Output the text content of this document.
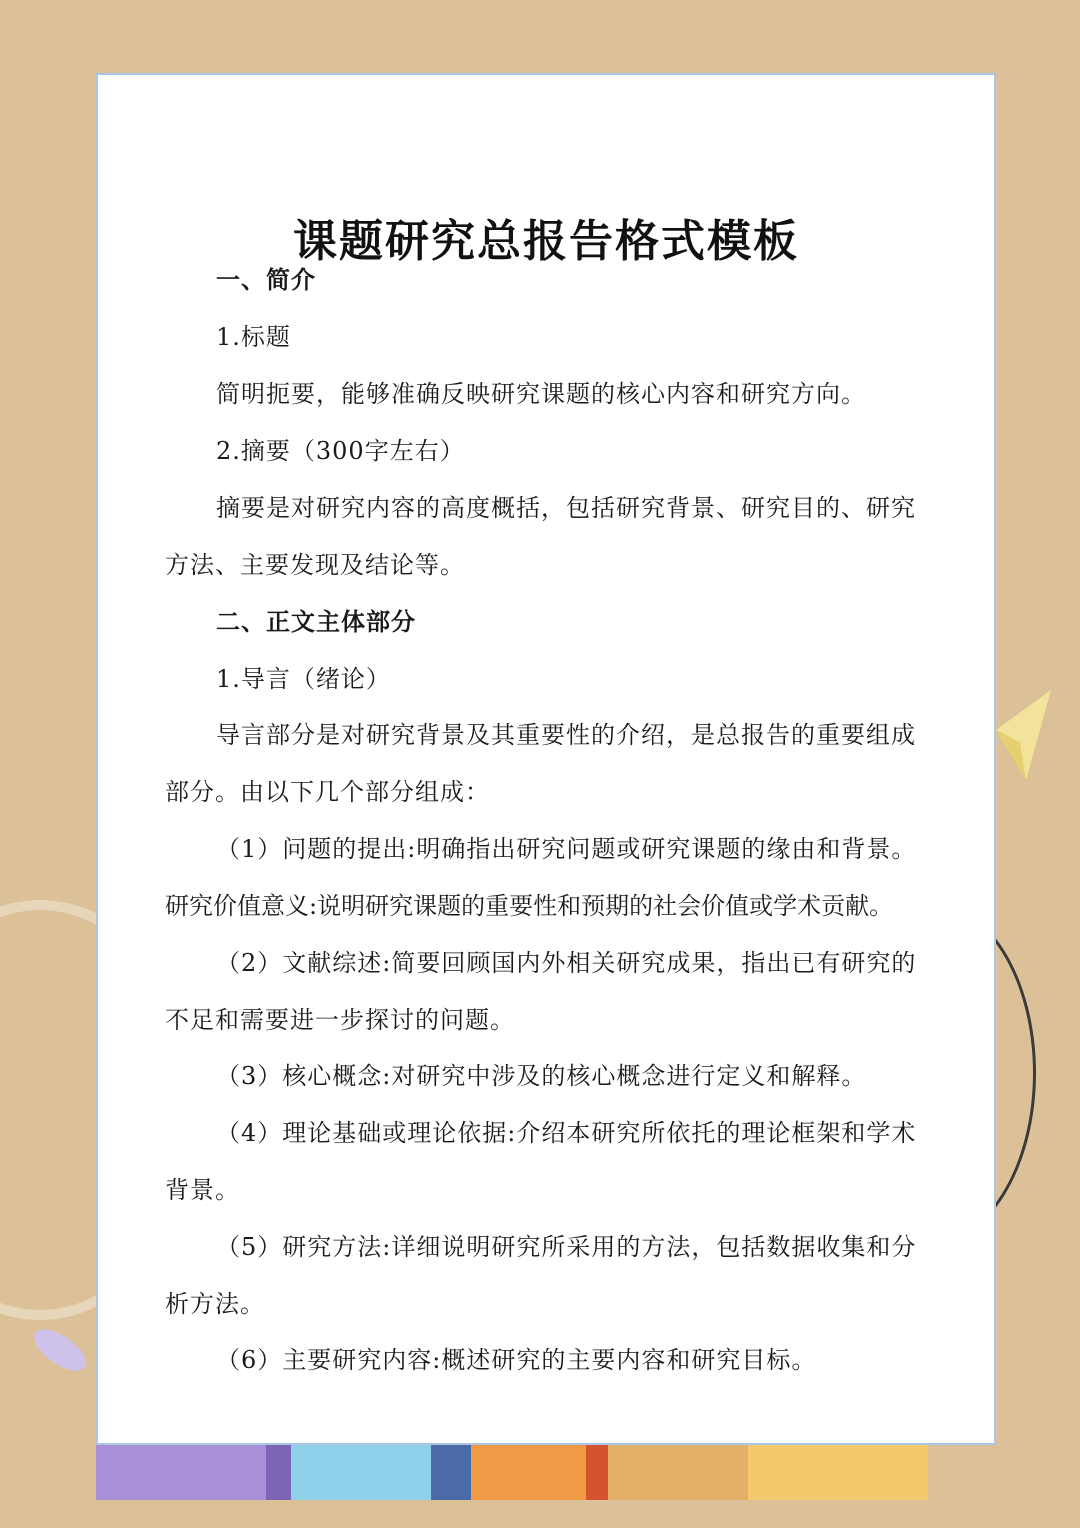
课题研究总报告格式模板
一、简介
1.标题
简明扼要，能够准确反映研究课题的核心内容和研究方向。
2.摘要（300字左右）
摘要是对研究内容的高度概括，包括研究背景、研究目的、研究
方法、主要发现及结论等。
二、正文主体部分
1.导言（绪论）
导言部分是对研究背景及其重要性的介绍，是总报告的重要组成
部分。由以下几个部分组成：
（1）问题的提出:明确指出研究问题或研究课题的缘由和背景。
研究价值意义:说明研究课题的重要性和预期的社会价值或学术贡献。
（2）文献综述:简要回顾国内外相关研究成果，指出已有研究的
不足和需要进一步探讨的问题。
（3）核心概念:对研究中涉及的核心概念进行定义和解释。
（4）理论基础或理论依据:介绍本研究所依托的理论框架和学术
背景。
（5）研究方法:详细说明研究所采用的方法，包括数据收集和分
析方法。
（6）主要研究内容:概述研究的主要内容和研究目标。
